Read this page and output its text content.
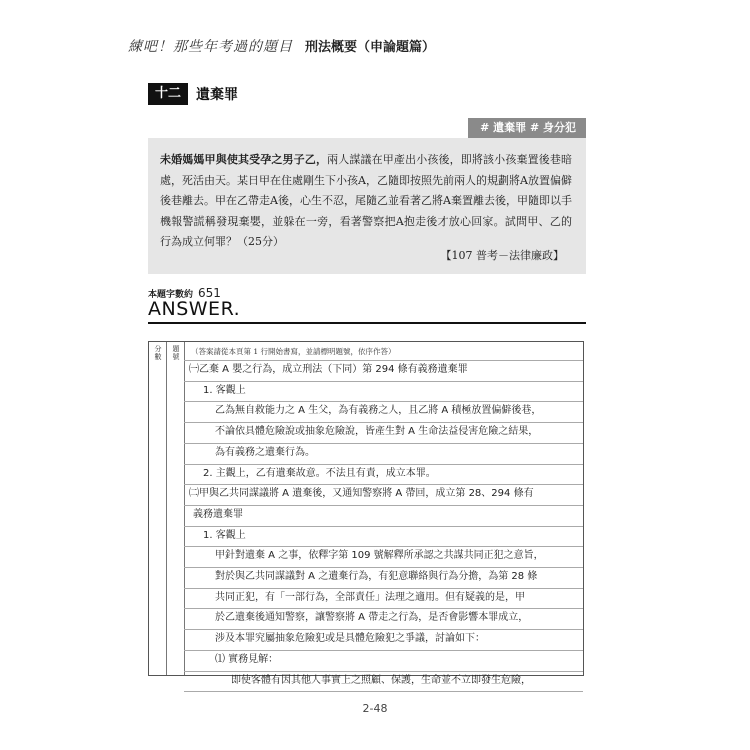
練吧！那些年考過的題目 刑法概要（申論題篇）
十二	遺棄罪
# 遺棄罪 # 身分犯
未婚媽媽甲與使其受孕之男子乙，兩人謀議在甲產出小孩後，即將該小孩棄置後巷暗處，死活由天。某日甲在住處剛生下小孩A，乙隨即按照先前兩人的規劃將A放置偏僻後巷離去。甲在乙帶走A後，心生不忍，尾隨乙並看著乙將A棄置離去後，甲隨即以手機報警謊稱發現棄嬰，並躲在一旁，看著警察把A抱走後才放心回家。試問甲、乙的行為成立何罪？（25分）
【107 普考－法律廉政】
本題字數約 651
ANSWER.
分數
題號
（答案請從本頁第 1 行開始書寫，並請標明題號，依序作答）
㈠乙棄 A 嬰之行為，成立刑法（下同）第 294 條有義務遺棄罪
1. 客觀上
乙為無自救能力之 A 生父，為有義務之人，且乙將 A 積極放置偏僻後巷，
不論依具體危險說或抽象危險說，皆產生對 A 生命法益侵害危險之結果，
為有義務之遺棄行為。
2. 主觀上，乙有遺棄故意。不法且有責，成立本罪。
㈡甲與乙共同謀議將 A 遺棄後，又通知警察將 A 帶回，成立第 28、294 條有
義務遺棄罪
1. 客觀上
甲針對遺棄 A 之事，依釋字第 109 號解釋所承認之共謀共同正犯之意旨，
對於與乙共同謀議對 A 之遺棄行為，有犯意聯絡與行為分擔，為第 28 條
共同正犯，有「一部行為，全部責任」法理之適用。但有疑義的是，甲
於乙遺棄後通知警察，讓警察將 A 帶走之行為，是否會影響本罪成立，
涉及本罪究屬抽象危險犯或是具體危險犯之爭議，討論如下：
⑴ 實務見解：
即使客體有因其他人事實上之照顧、保護，生命並不立即發生危險，
2-48
